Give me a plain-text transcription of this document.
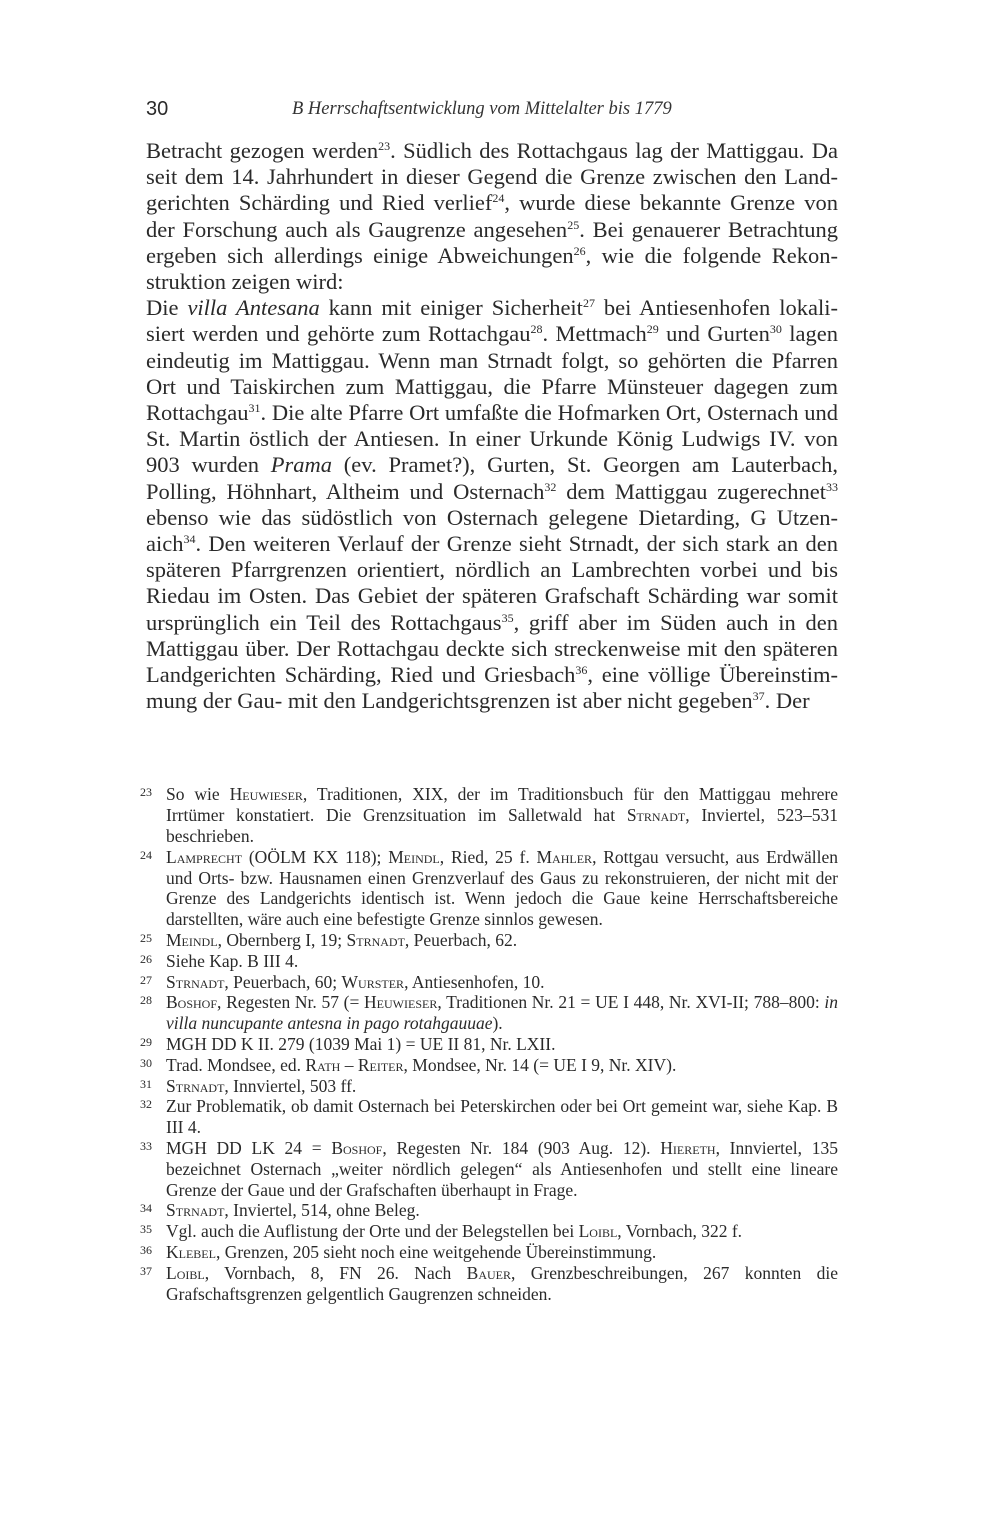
30	B Herrschaftsentwicklung vom Mittelalter bis 1779

Betracht gezogen werden$^{23}$. Südlich des Rottachgaus lag der Mattiggau. Da seit dem 14. Jahrhundert in dieser Gegend die Grenze zwischen den Landgerichten Schärding und Ried verlief$^{24}$, wurde diese bekannte Grenze von der Forschung auch als Gaugrenze angesehen$^{25}$. Bei genauerer Betrachtung ergeben sich allerdings einige Abweichungen$^{26}$, wie die folgende Rekonstruktion zeigen wird:

Die villa Antesana kann mit einiger Sicherheit$^{27}$ bei Antiesenhofen lokalisiert werden und gehörte zum Rottachgau$^{28}$. Mettmach$^{29}$ und Gurten$^{30}$ lagen eindeutig im Mattiggau. Wenn man Strnadt folgt, so gehörten die Pfarren Ort und Taiskirchen zum Mattiggau, die Pfarre Münsteuer dagegen zum Rottachgau$^{31}$. Die alte Pfarre Ort umfaßte die Hofmarken Ort, Osternach und St. Martin östlich der Antiesen. In einer Urkunde König Ludwigs IV. von 903 wurden Prama (ev. Pramet?), Gurten, St. Georgen am Lauterbach, Polling, Höhnhart, Altheim und Osternach$^{32}$ dem Mattiggau zugerechnet$^{33}$ ebenso wie das südöstlich von Osternach gelegene Dietarding, G Utzenaich$^{34}$. Den weiteren Verlauf der Grenze sieht Strnadt, der sich stark an den späteren Pfarrgrenzen orientiert, nördlich an Lambrechten vorbei und bis Riedau im Osten. Das Gebiet der späteren Grafschaft Schärding war somit ursprünglich ein Teil des Rottachgaus$^{35}$, griff aber im Süden auch in den Mattiggau über. Der Rottachgau deckte sich streckenweise mit den späteren Landgerichten Schärding, Ried und Griesbach$^{36}$, eine völlige Übereinstimmung der Gau- mit den Landgerichtsgrenzen ist aber nicht gegeben$^{37}$. Der

23 So wie Heuwieser, Traditionen, XIX, der im Traditionsbuch für den Mattiggau mehrere Irrtümer konstatiert. Die Grenzsituation im Salletwald hat Strnadt, Inviertel, 523–531 beschrieben.

24 Lamprecht (OÖLM KX 118); Meindl, Ried, 25 f. Mahler, Rottgau versucht, aus Erdwällen und Orts- bzw. Hausnamen einen Grenzverlauf des Gaus zu rekonstruieren, der nicht mit der Grenze des Landgerichts identisch ist. Wenn jedoch die Gaue keine Herrschaftsbereiche darstellten, wäre auch eine befestigte Grenze sinnlos gewesen.

25 Meindl, Obernberg I, 19; Strnadt, Peuerbach, 62.

26 Siehe Kap. B III 4.

27 Strnadt, Peuerbach, 60; Wurster, Antiesenhofen, 10.

28 Boshof, Regesten Nr. 57 (= Heuwieser, Traditionen Nr. 21 = UE I 448, Nr. XVI-II; 788–800: in villa nuncupante antesna in pago rotahgauuae).

29 MGH DD K II. 279 (1039 Mai 1) = UE II 81, Nr. LXII.

30 Trad. Mondsee, ed. Rath – Reiter, Mondsee, Nr. 14 (= UE I 9, Nr. XIV).

31 Strnadt, Innviertel, 503 ff.

32 Zur Problematik, ob damit Osternach bei Peterskirchen oder bei Ort gemeint war, siehe Kap. B III 4.

33 MGH DD LK 24 = Boshof, Regesten Nr. 184 (903 Aug. 12). Hiereth, Innviertel, 135 bezeichnet Osternach „weiter nördlich gelegen“ als Antiesenhofen und stellt eine lineare Grenze der Gaue und der Grafschaften überhaupt in Frage.

34 Strnadt, Inviertel, 514, ohne Beleg.

35 Vgl. auch die Auflistung der Orte und der Belegstellen bei Loibl, Vornbach, 322 f.

36 Klebel, Grenzen, 205 sieht noch eine weitgehende Übereinstimmung.

37 Loibl, Vornbach, 8, FN 26. Nach Bauer, Grenzbeschreibungen, 267 konnten die Grafschaftsgrenzen gelgentlich Gaugrenzen schneiden.
